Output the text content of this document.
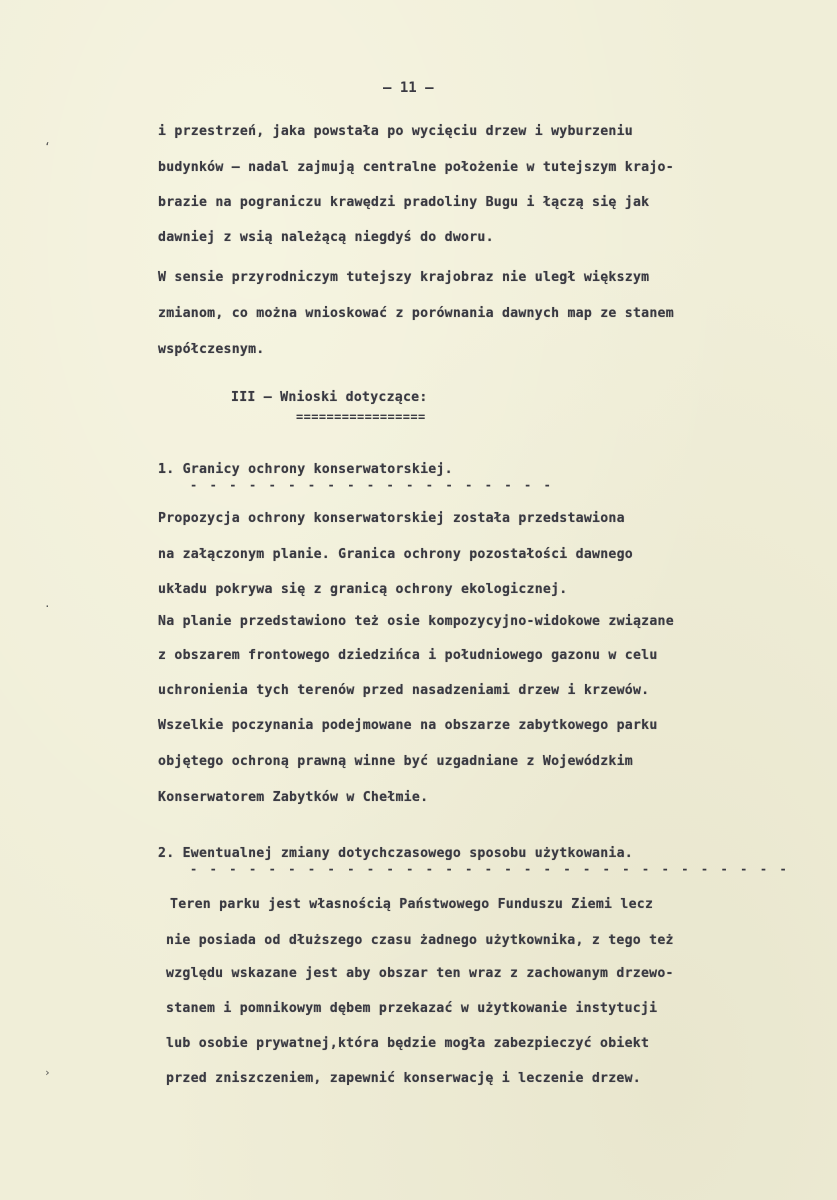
‘
·
›
– 11 –
i przestrzeń, jaka powstała po wycięciu drzew i wyburzeniu
budynków – nadal zajmują centralne położenie w tutejszym krajo-
brazie na pograniczu krawędzi pradoliny Bugu i łączą się jak
dawniej z wsią należącą niegdyś do dworu.
W sensie przyrodniczym tutejszy krajobraz nie uległ większym
zmianom, co można wnioskować z porównania dawnych map ze stanem
współczesnym.
III – Wnioski dotyczące:
=================
1. Granicy ochrony konserwatorskiej.
- - - - - - - - - - - - - - - - - - -
Propozycja ochrony konserwatorskiej została przedstawiona
na załączonym planie. Granica ochrony pozostałości dawnego
układu pokrywa się z granicą ochrony ekologicznej.
Na planie przedstawiono też osie kompozycyjno-widokowe związane
z obszarem frontowego dziedzińca i południowego gazonu w celu
uchronienia tych terenów przed nasadzeniami drzew i krzewów.
Wszelkie poczynania podejmowane na obszarze zabytkowego parku
objętego ochroną prawną winne być uzgadniane z Wojewódzkim
Konserwatorem Zabytków w Chełmie.
2. Ewentualnej zmiany dotychczasowego sposobu użytkowania.
- - - - - - - - - - - - - - - - - - - - - - - - - - - - - - -
Teren parku jest własnością Państwowego Funduszu Ziemi lecz
nie posiada od dłuższego czasu żadnego użytkownika, z tego też
względu wskazane jest aby obszar ten wraz z zachowanym drzewo-
stanem i pomnikowym dębem przekazać w użytkowanie instytucji
lub osobie prywatnej,która będzie mogła zabezpieczyć obiekt
przed zniszczeniem, zapewnić konserwację i leczenie drzew.
